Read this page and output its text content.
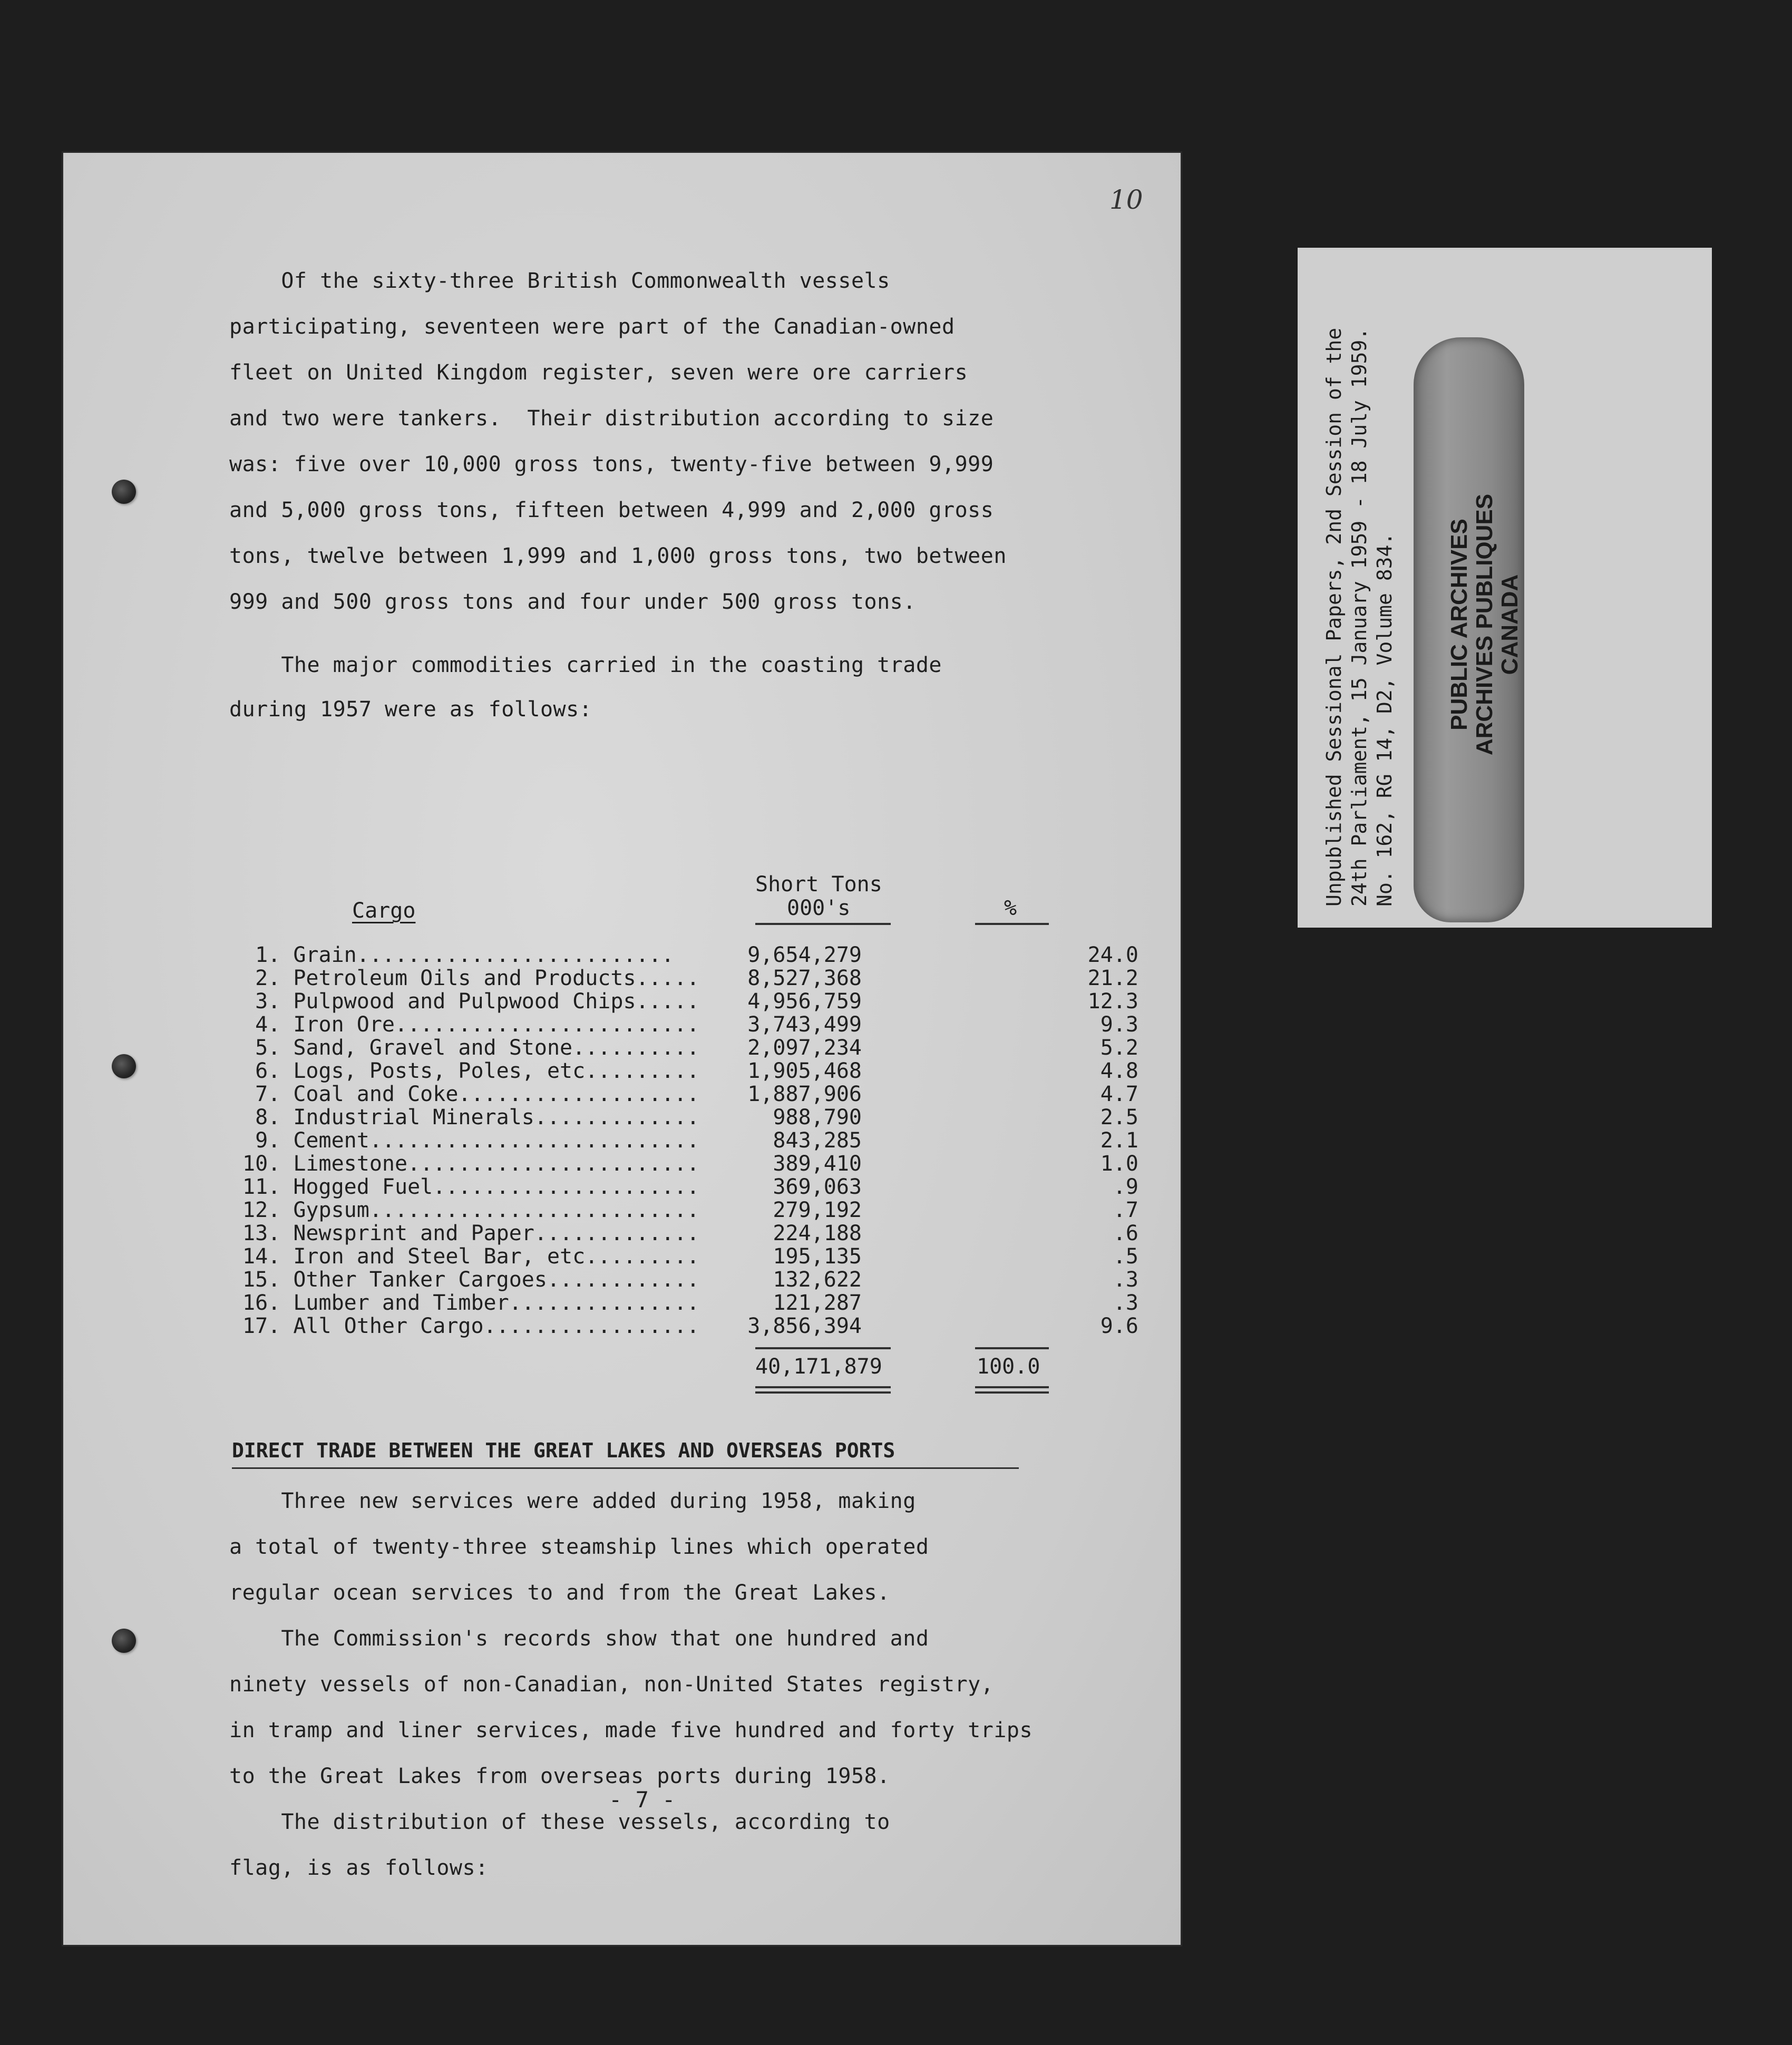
10
Of the sixty-three British Commonwealth vessels
participating, seventeen were part of the Canadian-owned
fleet on United Kingdom register, seven were ore carriers
and two were tankers.  Their distribution according to size
was: five over 10,000 gross tons, twenty-five between 9,999
and 5,000 gross tons, fifteen between 4,999 and 2,000 gross
tons, twelve between 1,999 and 1,000 gross tons, two between
999 and 500 gross tons and four under 500 gross tons.
The major commodities carried in the coasting trade
during 1957 were as follows:
Cargo
Short Tons
000's	%
1. Grain.........................	9,654,279	24.0
2. Petroleum Oils and Products..... 8,527,368	21.2
3. Pulpwood and Pulpwood Chips..... 4,956,759	12.3
4. Iron Ore........................ 3,743,499	9.3
5. Sand, Gravel and Stone.......... 2,097,234	5.2
6. Logs, Posts, Poles, etc......... 1,905,468	4.8
7. Coal and Coke................... 1,887,906	4.7
8. Industrial Minerals.............	988,790	2.5
9. Cement..........................	843,285	2.1
10. Limestone.......................	389,410	1.0
11. Hogged Fuel.....................	369,063	.9
12. Gypsum..........................	279,192	.7
13. Newsprint and Paper.............	224,188	.6
14. Iron and Steel Bar, etc.........	195,135	.5
15. Other Tanker Cargoes............	132,622	.3
16. Lumber and Timber...............	121,287	.3
17. All Other Cargo................. 3,856,394	9.6
40,171,879	100.0
DIRECT TRADE BETWEEN THE GREAT LAKES AND OVERSEAS PORTS
Three new services were added during 1958, making
a total of twenty-three steamship lines which operated
regular ocean services to and from the Great Lakes.
The Commission's records show that one hundred and
ninety vessels of non-Canadian, non-United States registry,
in tramp and liner services, made five hundred and forty trips
to the Great Lakes from overseas ports during 1958.
The distribution of these vessels, according to
flag, is as follows:
- 7 -
Unpublished Sessional Papers, 2nd Session of the 24th Parliament, 15 January 1959 - 18 July 1959. No. 162, RG 14, D2, Volume 834. PUBLIC ARCHIVES ARCHIVES PUBLIQUES CANADA
